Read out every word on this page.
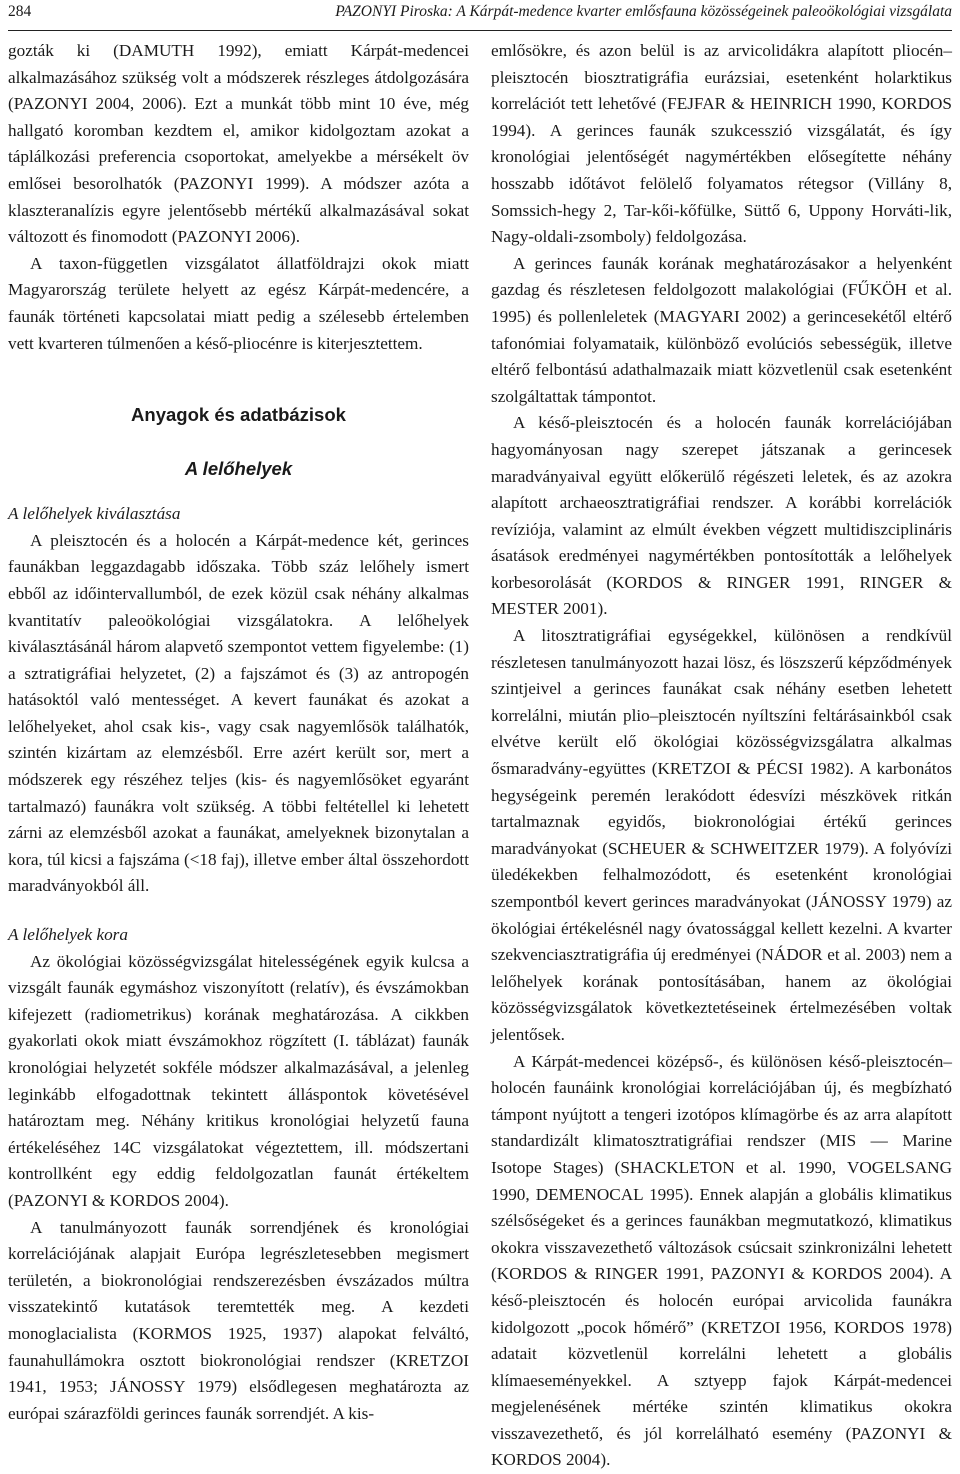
284	PAZONYI Piroska: A Kárpát-medence kvarter emlősfauna közösségeinek paleoökológiai vizsgálata

gozták ki (DAMUTH 1992), emiatt Kárpát-medencei alkalmazásához szükség volt a módszerek részleges átdolgozására (PAZONYI 2004, 2006). Ezt a munkát több mint 10 éve, még hallgató koromban kezdtem el, amikor kidolgoztam azokat a táplálkozási preferencia csoportokat, amelyekbe a mérsékelt öv emlősei besorolhatók (PAZONYI 1999). A módszer azóta a klaszteranalízis egyre jelentősebb mértékű alkalmazásával sokat változott és finomodott (PAZONYI 2006).

A taxon-független vizsgálatot állatföldrajzi okok miatt Magyarország területe helyett az egész Kárpát-medencére, a faunák történeti kapcsolatai miatt pedig a szélesebb értelemben vett kvarteren túlmenően a késő-pliocénre is kiterjesztettem.

Anyagok és adatbázisok
A lelőhelyek

A lelőhelyek kiválasztása

A pleisztocén és a holocén a Kárpát-medence két, gerinces faunákban leggazdagabb időszaka. Több száz lelőhely ismert ebből az időintervallumból, de ezek közül csak néhány alkalmas kvantitatív paleoökológiai vizsgálatokra. A lelőhelyek kiválasztásánál három alapvető szempontot vettem figyelembe: (1) a sztratigráfiai helyzetet, (2) a fajszámot és (3) az antropogén hatásoktól való mentességet. A kevert faunákat és azokat a lelőhelyeket, ahol csak kis-, vagy csak nagyemlősök találhatók, szintén kizártam az elemzésből. Erre azért került sor, mert a módszerek egy részéhez teljes (kis- és nagyemlősöket egyaránt tartalmazó) faunákra volt szükség. A többi feltétellel ki lehetett zárni az elemzésből azokat a faunákat, amelyeknek bizonytalan a kora, túl kicsi a fajszáma (<18 faj), illetve ember által összehordott maradványokból áll.

A lelőhelyek kora

Az ökológiai közösségvizsgálat hitelességének egyik kulcsa a vizsgált faunák egymáshoz viszonyított (relatív), és évszámokban kifejezett (radiometrikus) korának meghatározása. A cikkben gyakorlati okok miatt évszámokhoz rögzített (I. táblázat) faunák kronológiai helyzetét sokféle módszer alkalmazásával, a jelenleg leginkább elfogadottnak tekintett álláspontok követésével határoztam meg. Néhány kritikus kronológiai helyzetű fauna értékeléséhez 14C vizsgálatokat végeztettem, ill. módszertani kontrollként egy eddig feldolgozatlan faunát értékeltem (PAZONYI & KORDOS 2004).

A tanulmányozott faunák sorrendjének és kronológiai korrelációjának alapjait Európa legrészletesebben megismert területén, a biokronológiai rendszerezésben évszázados múltra visszatekintő kutatások teremtették meg. A kezdeti monoglacialista (KORMOS 1925, 1937) alapokat felváltó, faunahullámokra osztott biokronológiai rendszer (KRETZOI 1941, 1953; JÁNOSSY 1979) elsődlegesen meghatározta az európai szárazföldi gerinces faunák sorrendjét. A kis-

emlősökre, és azon belül is az arvicolidákra alapított pliocén–pleisztocén biosztratigráfia eurázsiai, esetenként holarktikus korrelációt tett lehetővé (FEJFAR & HEINRICH 1990, KORDOS 1994). A gerinces faunák szukcesszió vizsgálatát, és így kronológiai jelentőségét nagymértékben elősegítette néhány hosszabb időtávot felölelő folyamatos rétegsor (Villány 8, Somssich-hegy 2, Tar-kői-kőfülke, Süttő 6, Uppony Horváti-lik, Nagy-oldali-zsomboly) feldolgozása.

A gerinces faunák korának meghatározásakor a helyenként gazdag és részletesen feldolgozott malakológiai (FŰKÖH et al. 1995) és pollenleletek (MAGYARI 2002) a gerincesekétől eltérő tafonómiai folyamataik, különböző evolúciós sebességük, illetve eltérő felbontású adathalmazaik miatt közvetlenül csak esetenként szolgáltattak támpontot.

A késő-pleisztocén és a holocén faunák korrelációjában hagyományosan nagy szerepet játszanak a gerincesek maradványaival együtt előkerülő régészeti leletek, és az azokra alapított archaeosztratigráfiai rendszer. A korábbi korrelációk revíziója, valamint az elmúlt években végzett multidiszciplináris ásatások eredményei nagymértékben pontosították a lelőhelyek korbesorolását (KORDOS & RINGER 1991, RINGER & MESTER 2001).

A litosztratigráfiai egységekkel, különösen a rendkívül részletesen tanulmányozott hazai lösz, és löszszerű képződmények szintjeivel a gerinces faunákat csak néhány esetben lehetett korrelálni, miután plio–pleisztocén nyíltszíni feltárásainkból csak elvétve került elő ökológiai közösségvizsgálatra alkalmas ősmaradvány-együttes (KRETZOI & PÉCSI 1982). A karbonátos hegységeink peremén lerakódott édesvízi mészkövek ritkán tartalmaznak egyidős, biokronológiai értékű gerinces maradványokat (SCHEUER & SCHWEITZER 1979). A folyóvízi üledékekben felhalmozódott, és esetenként kronológiai szempontból kevert gerinces maradványokat (JÁNOSSY 1979) az ökológiai értékelésnél nagy óvatossággal kellett kezelni. A kvarter szekvenciasztratigráfia új eredményei (NÁDOR et al. 2003) nem a lelőhelyek korának pontosításában, hanem az ökológiai közösségvizsgálatok következtetéseinek értelmezésében voltak jelentősek.

A Kárpát-medencei középső-, és különösen késő-pleisztocén–holocén faunáink kronológiai korrelációjában új, és megbízható támpont nyújtott a tengeri izotópos klímagörbe és az arra alapított standardizált klimatosztratigráfiai rendszer (MIS — Marine Isotope Stages) (SHACKLETON et al. 1990, VOGELSANG 1990, DEMENOCAL 1995). Ennek alapján a globális klimatikus szélsőségeket és a gerinces faunákban megmutatkozó, klimatikus okokra visszavezethető változások csúcsait szinkronizálni lehetett (KORDOS & RINGER 1991, PAZONYI & KORDOS 2004). A késő-pleisztocén és holocén európai arvicolida faunákra kidolgozott „pocok hőmérő” (KRETZOI 1956, KORDOS 1978) adatait közvetlenül korrelálni lehetett a globális klímaeseményekkel. A sztyepp fajok Kárpát-medencei megjelenésének mértéke szintén klimatikus okokra visszavezethető, és jól korrelálható esemény (PAZONYI & KORDOS 2004).
